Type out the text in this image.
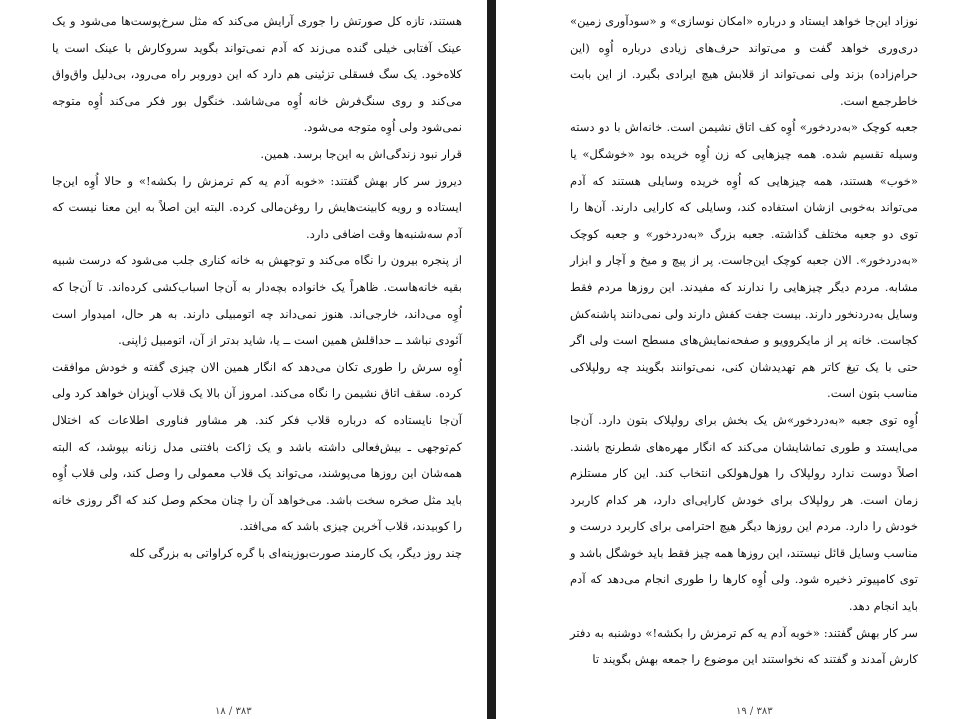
هستند، تازه کل صورتش را جوری آرایش می‌کند که مثل سرخ‌پوست‌ها می‌شود و یک عینک آفتابی خیلی گنده می‌زند که آدم نمی‌تواند بگوید سروکارش با عینک است یا کلاه‌خود. یک سگ فسقلی تزئینی هم دارد که این دوروبر راه می‌رود، بی‌دلیل واق‌واق می‌کند و روی سنگ‌فرش خانه اُوِه می‌شاشد. خنگول بور فکر می‌کند اُوِه متوجه نمی‌شود ولی اُوِه متوجه می‌شود.

قرار نبود زندگی‌اش به این‌جا برسد. همین.

دیروز سر کار بهش گفتند: «خوبه آدم یه کم ترمزش را بکشه!» و حالا اُوِه این‌جا ایستاده و رویه کابینت‌هایش را روغن‌مالی کرده. البته این اصلاً به این معنا نیست که آدم سه‌شنبه‌ها وقت اضافی دارد.

از پنجره بیرون را نگاه می‌کند و توجهش به خانه کناری جلب می‌شود که درست شبیه بقیه خانه‌هاست. ظاهراً یک خانواده بچه‌دار به آن‌جا اسباب‌کشی کرده‌اند. تا آن‌جا که اُوِه می‌داند، خارجی‌اند. هنوز نمی‌داند چه اتومبیلی دارند. به هر حال، امیدوار است آئودی نباشد ــ حداقلش همین است ــ یا، شاید بدتر از آن، اتومبیل ژاپنی.

اُوِه سرش را طوری تکان می‌دهد که انگار همین الان چیزی گفته و خودش موافقت کرده. سقف اتاق نشیمن را نگاه می‌کند. امروز آن بالا یک قلاب آویزان خواهد کرد ولی آن‌جا نایستاده که درباره قلاب فکر کند. هر مشاور فناوری اطلاعات که اختلال کم‌توجهی ـ بیش‌فعالی داشته باشد و یک ژاکت بافتنی مدل زنانه بپوشد، که البته همه‌شان این روزها می‌پوشند، می‌تواند یک قلاب معمولی را وصل کند، ولی قلاب اُوِه باید مثل صخره سخت باشد. می‌خواهد آن را چنان محکم وصل کند که اگر روزی خانه را کوبیدند، قلاب آخرین چیزی باشد که می‌افتد.

چند روز دیگر، یک کارمند صورت‌بوزینه‌ای با گره کراواتی به بزرگی کله

۳۸۳ / ۱۸

نوزاد این‌جا خواهد ایستاد و درباره «امکان نوسازی» و «سودآوری زمین» دری‌وری خواهد گفت و می‌تواند حرف‌های زیادی درباره اُوِه (این حرام‌زاده) بزند ولی نمی‌تواند از قلابش هیچ ایرادی بگیرد. از این بابت خاطرجمع است.

جعبه کوچک «به‌دردخور» اُوِه کف اتاق نشیمن است. خانه‌اش با دو دسته وسیله تقسیم شده. همه چیزهایی که زن اُوِه خریده بود «خوشگل» یا «خوب» هستند، همه چیزهایی که اُوِه خریده وسایلی هستند که آدم می‌تواند به‌خوبی ازشان استفاده کند، وسایلی که کارایی دارند. آن‌ها را توی دو جعبه مختلف گذاشته. جعبه بزرگ «به‌دردخور» و جعبه کوچک «به‌دردخور». الان جعبه کوچک این‌جاست. پر از پیچ و میخ و آچار و ابزار مشابه. مردم دیگر چیزهایی را ندارند که مفیدند. این روزها مردم فقط وسایل به‌دردنخور دارند. بیست جفت کفش دارند ولی نمی‌دانند پاشنه‌کش کجاست. خانه پر از مایکروویو و صفحه‌نمایش‌های مسطح است ولی اگر حتی با یک تیغ کاتر هم تهدیدشان کنی، نمی‌توانند بگویند چه رولپلاکی مناسب بتون است.

اُوِه توی جعبه «به‌دردخور»ش یک بخش برای رولپلاک بتون دارد. آن‌جا می‌ایستد و طوری تماشایشان می‌کند که انگار مهره‌های شطرنج باشند. اصلاً دوست ندارد رولپلاک را هول‌هولکی انتخاب کند. این کار مستلزم زمان است. هر رولپلاک برای خودش کارایی‌ای دارد، هر کدام کاربرد خودش را دارد. مردم این روزها دیگر هیچ احترامی برای کاربرد درست و مناسب وسایل قائل نیستند، این روزها همه چیز فقط باید خوشگل باشد و توی کامپیوتر ذخیره شود. ولی اُوِه کارها را طوری انجام می‌دهد که آدم باید انجام دهد.

سر کار بهش گفتند: «خوبه آدم یه کم ترمزش را بکشه!» دوشنبه به دفتر کارش آمدند و گفتند که نخواستند این موضوع را جمعه بهش بگویند تا

۳۸۳ / ۱۹
